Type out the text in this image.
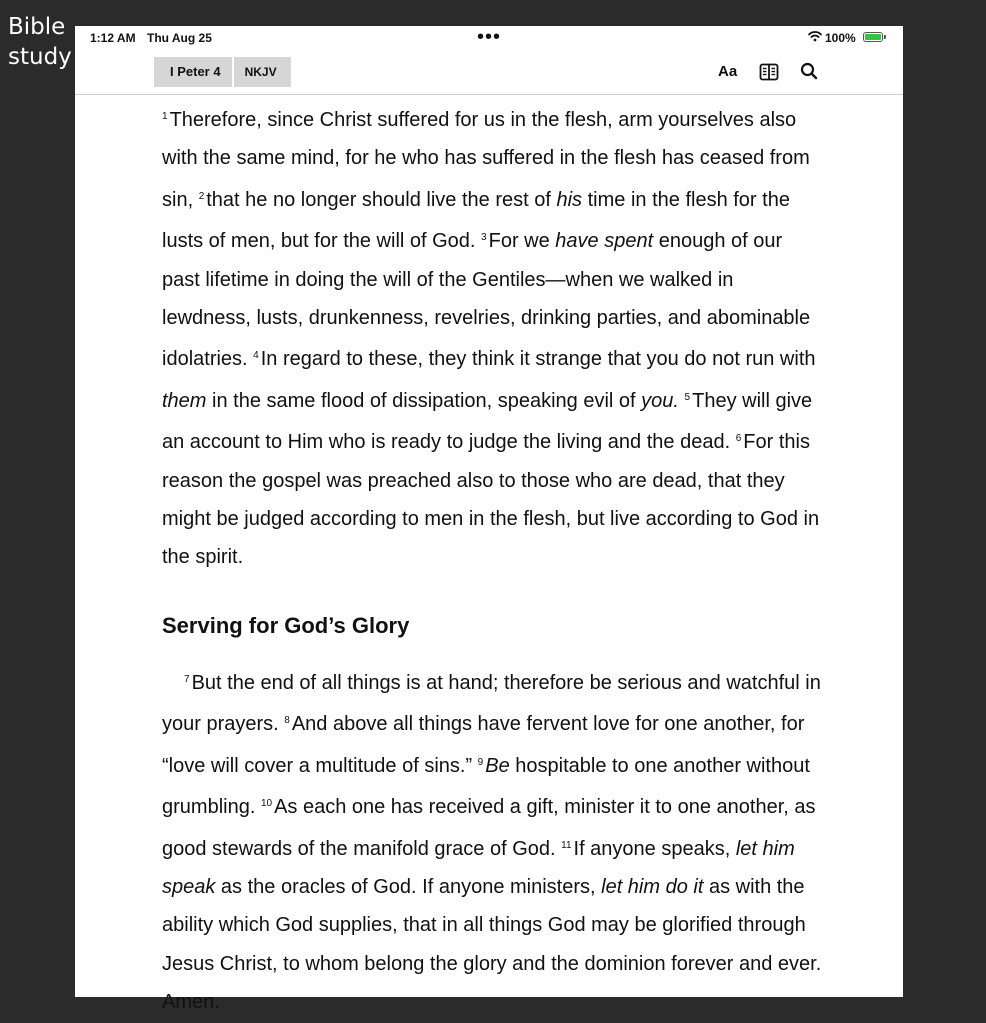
Bible
study
1:12 AM Thu Aug 25	•••	100%
I Peter 4	NKJV	Aa

$^1$ Therefore, since Christ suffered for us in the flesh, arm yourselves also with the same mind, for he who has suffered in the flesh has ceased from sin, $^2$ that he no longer should live the rest of his time in the flesh for the lusts of men, but for the will of God. $^3$ For we have spent enough of our past lifetime in doing the will of the Gentiles—when we walked in lewdness, lusts, drunkenness, revelries, drinking parties, and abominable idolatries. $^4$ In regard to these, they think it strange that you do not run with them in the same flood of dissipation, speaking evil of you. $^5$ They will give an account to Him who is ready to judge the living and the dead. $^6$ For this reason the gospel was preached also to those who are dead, that they might be judged according to men in the flesh, but live according to God in the spirit.

Serving for God’s Glory

$^7$ But the end of all things is at hand; therefore be serious and watchful in your prayers. $^8$ And above all things have fervent love for one another, for “love will cover a multitude of sins.” $^9$ Be hospitable to one another without grumbling. $^{10}$ As each one has received a gift, minister it to one another, as good stewards of the manifold grace of God. $^{11}$ If anyone speaks, let him speak as the oracles of God. If anyone ministers, let him do it as with the ability which God supplies, that in all things God may be glorified through Jesus Christ, to whom belong the glory and the dominion forever and ever. Amen.
